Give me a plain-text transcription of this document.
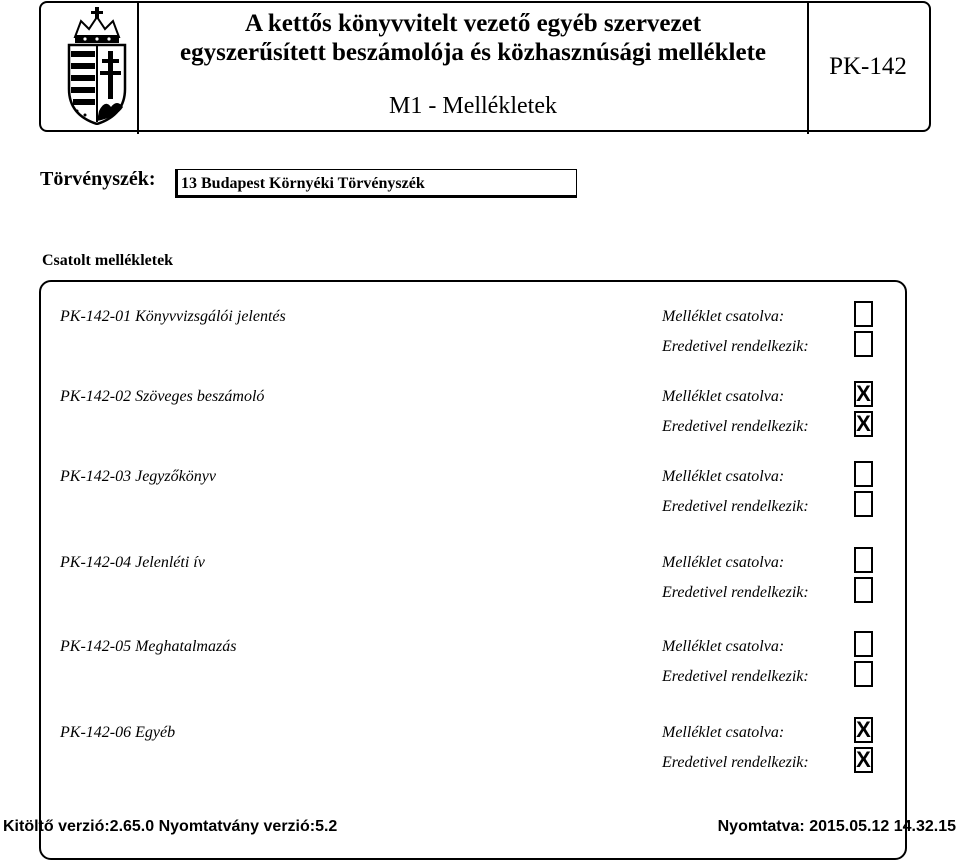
A kettős könyvvitelt vezető egyéb szervezet
egyszerűsített beszámolója és közhasznúsági melléklete
M1 - Mellékletek
PK-142
Törvényszék: 13 Budapest Környéki Törvényszék
Csatolt mellékletek
PK-142-01 Könyvvizsgálói jelentés	Melléklet csatolva:
Eredetivel rendelkezik:
PK-142-02 Szöveges beszámoló	Melléklet csatolva:	X
Eredetivel rendelkezik: X
PK-142-03 Jegyzőkönyv	Melléklet csatolva:
Eredetivel rendelkezik:
PK-142-04 Jelenléti ív	Melléklet csatolva:
Eredetivel rendelkezik:
PK-142-05 Meghatalmazás	Melléklet csatolva:
Eredetivel rendelkezik:
PK-142-06 Egyéb	Melléklet csatolva:	X
Eredetivel rendelkezik: X
Kitöltő verzió:2.65.0 Nyomtatvány verzió:5.2	Nyomtatva: 2015.05.12 14.32.15
